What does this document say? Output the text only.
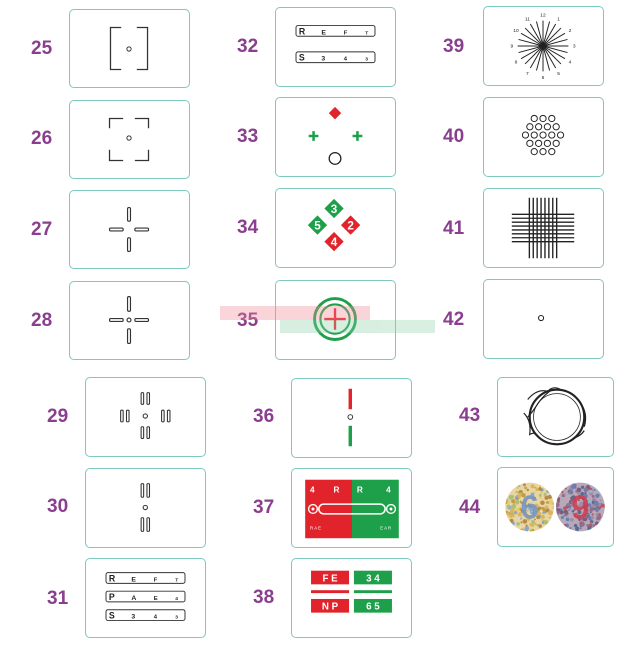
25
26
27
28
29
30
31
32
33
34
35
36
37
38
39
40
41
42
43
44
R E	F	T
P A	E	4
S 3	4	3
R E	F	T
S 3	4	3
3
5 2
4
4 R R	4
R A E	E A R
F E	3 4
N P	6 5
12
1
2
3
4
5
6
7
8
9
10
11
6 9
